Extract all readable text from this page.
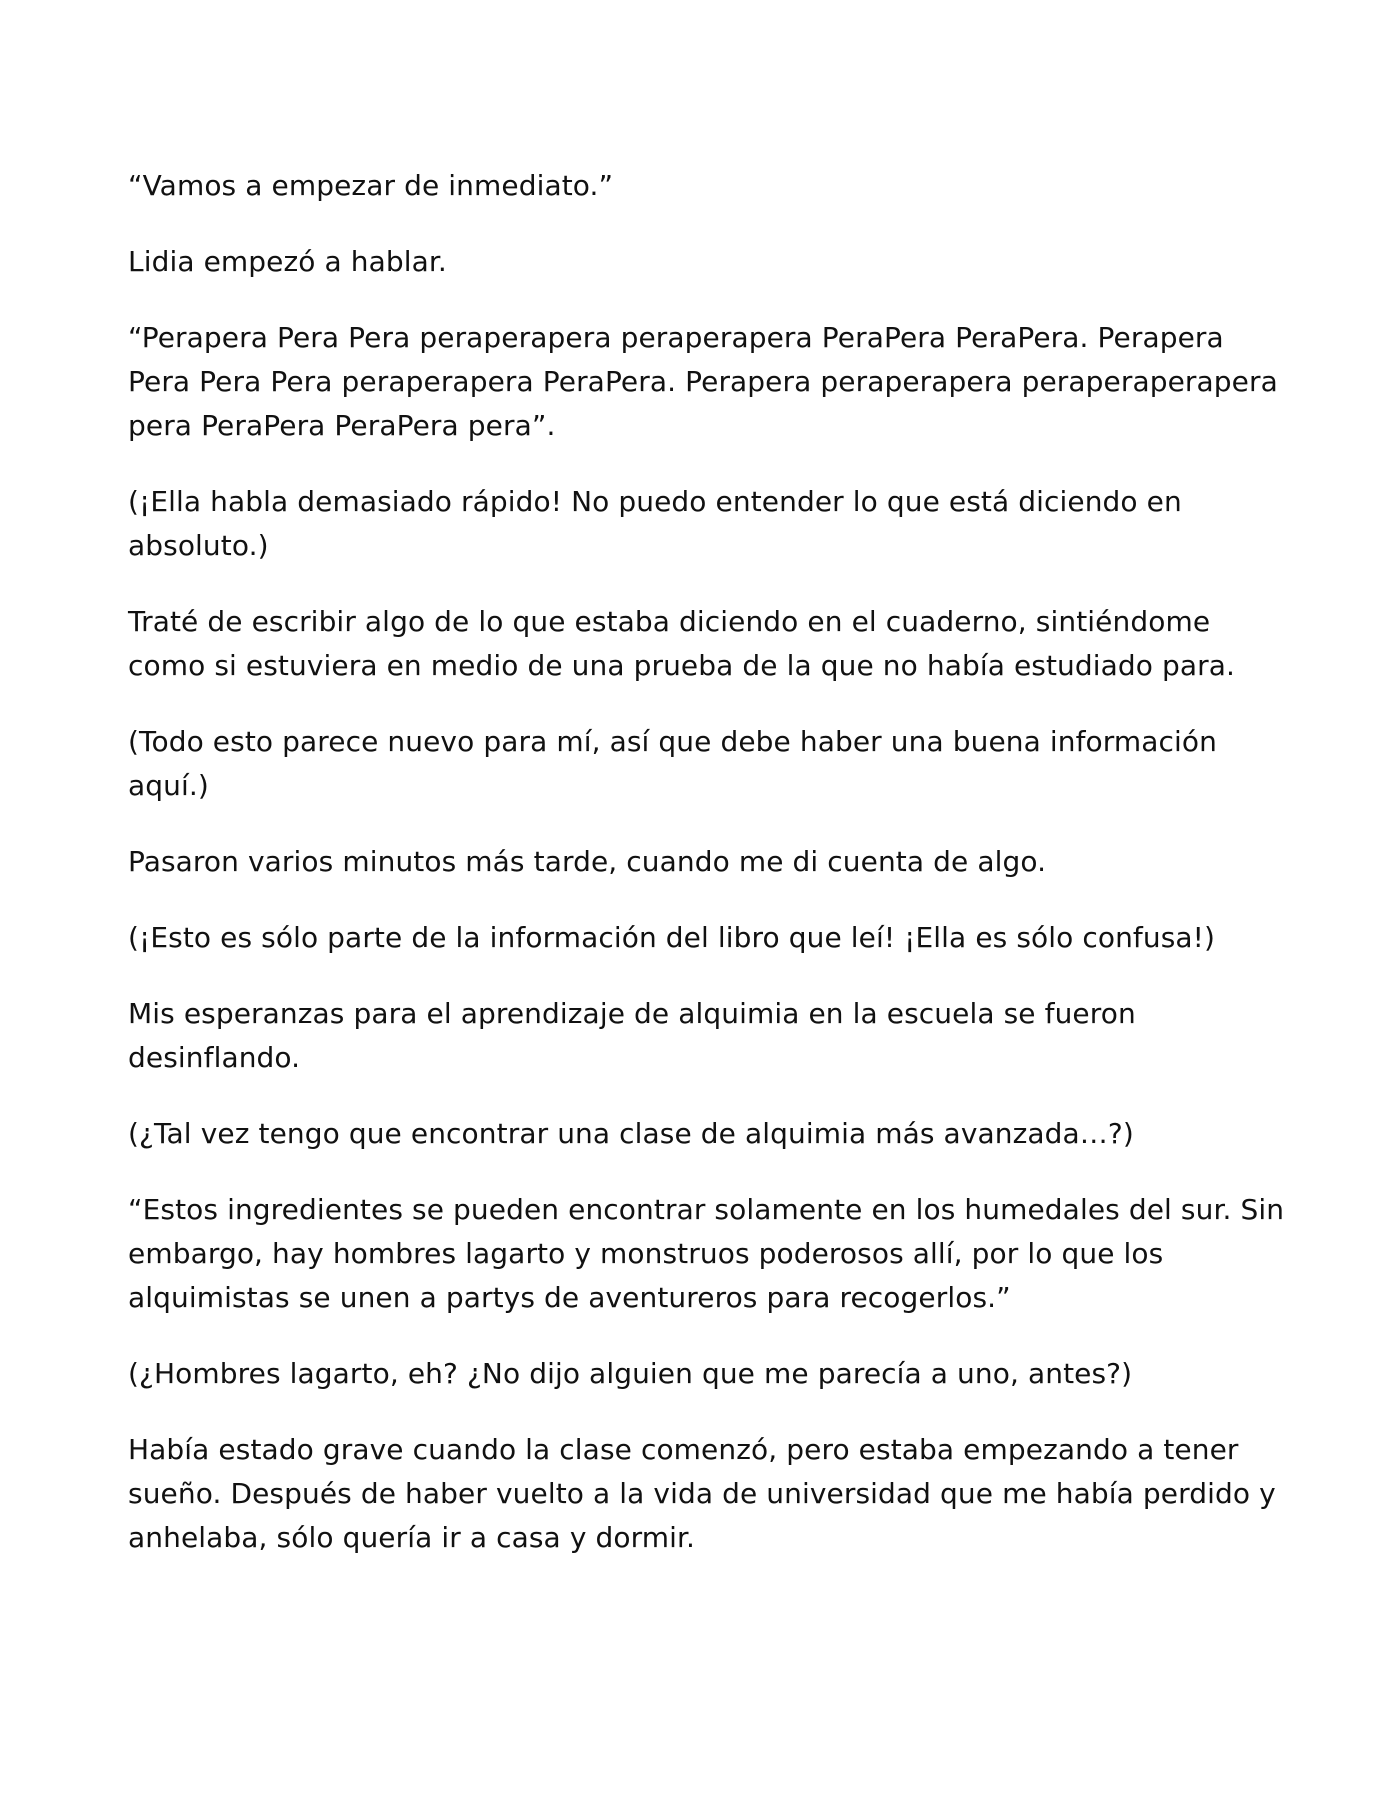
“Vamos a empezar de inmediato.”

Lidia empezó a hablar.

“Perapera Pera Pera peraperapera peraperapera PeraPera PeraPera. Perapera Pera Pera Pera peraperapera PeraPera. Perapera peraperapera peraperaperapera pera PeraPera PeraPera pera”.

(¡Ella habla demasiado rápido! No puedo entender lo que está diciendo en absoluto.)

Traté de escribir algo de lo que estaba diciendo en el cuaderno, sintiéndome como si estuviera en medio de una prueba de la que no había estudiado para.

(Todo esto parece nuevo para mí, así que debe haber una buena información aquí.)

Pasaron varios minutos más tarde, cuando me di cuenta de algo.

(¡Esto es sólo parte de la información del libro que leí! ¡Ella es sólo confusa!)

Mis esperanzas para el aprendizaje de alquimia en la escuela se fueron desinflando.

(¿Tal vez tengo que encontrar una clase de alquimia más avanzada…?)

“Estos ingredientes se pueden encontrar solamente en los humedales del sur. Sin embargo, hay hombres lagarto y monstruos poderosos allí, por lo que los alquimistas se unen a partys de aventureros para recogerlos.”

(¿Hombres lagarto, eh? ¿No dijo alguien que me parecía a uno, antes?)

Había estado grave cuando la clase comenzó, pero estaba empezando a tener sueño. Después de haber vuelto a la vida de universidad que me había perdido y anhelaba, sólo quería ir a casa y dormir.
